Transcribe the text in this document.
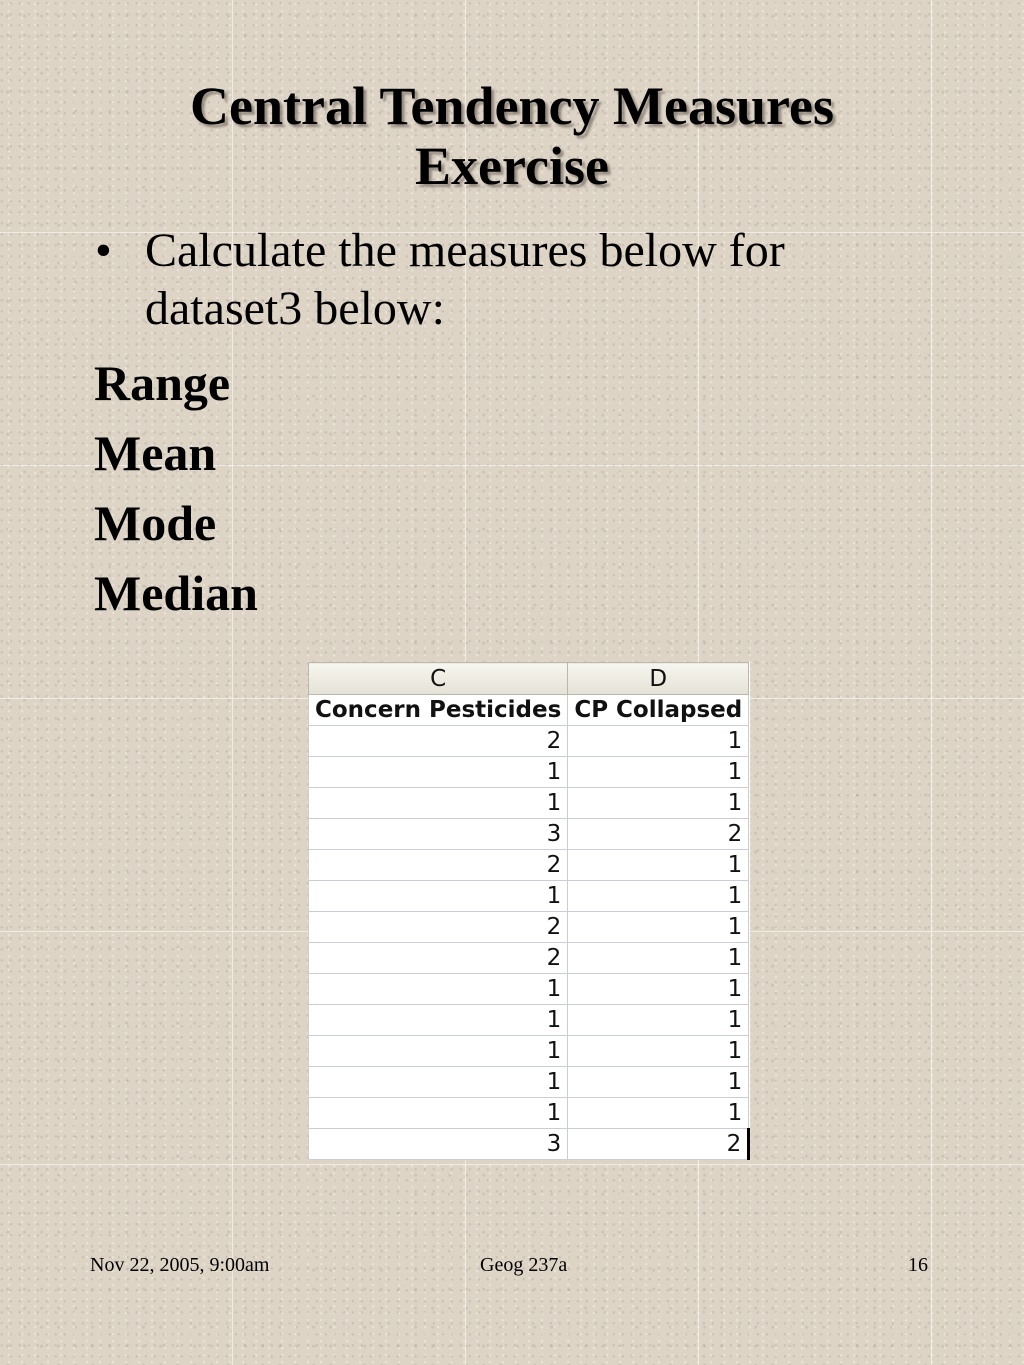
Central Tendency Measures
Exercise
• Calculate the measures below for dataset3 below:
Range
Mean
Mode
Median
C	D
Concern Pesticides	CP Collapsed
2	1
1	1
1	1
3	2
2	1
1	1
2	1
2	1
1	1
1	1
1	1
1	1
1	1
3	2
Nov 22, 2005, 9:00am	Geog 237a	16
